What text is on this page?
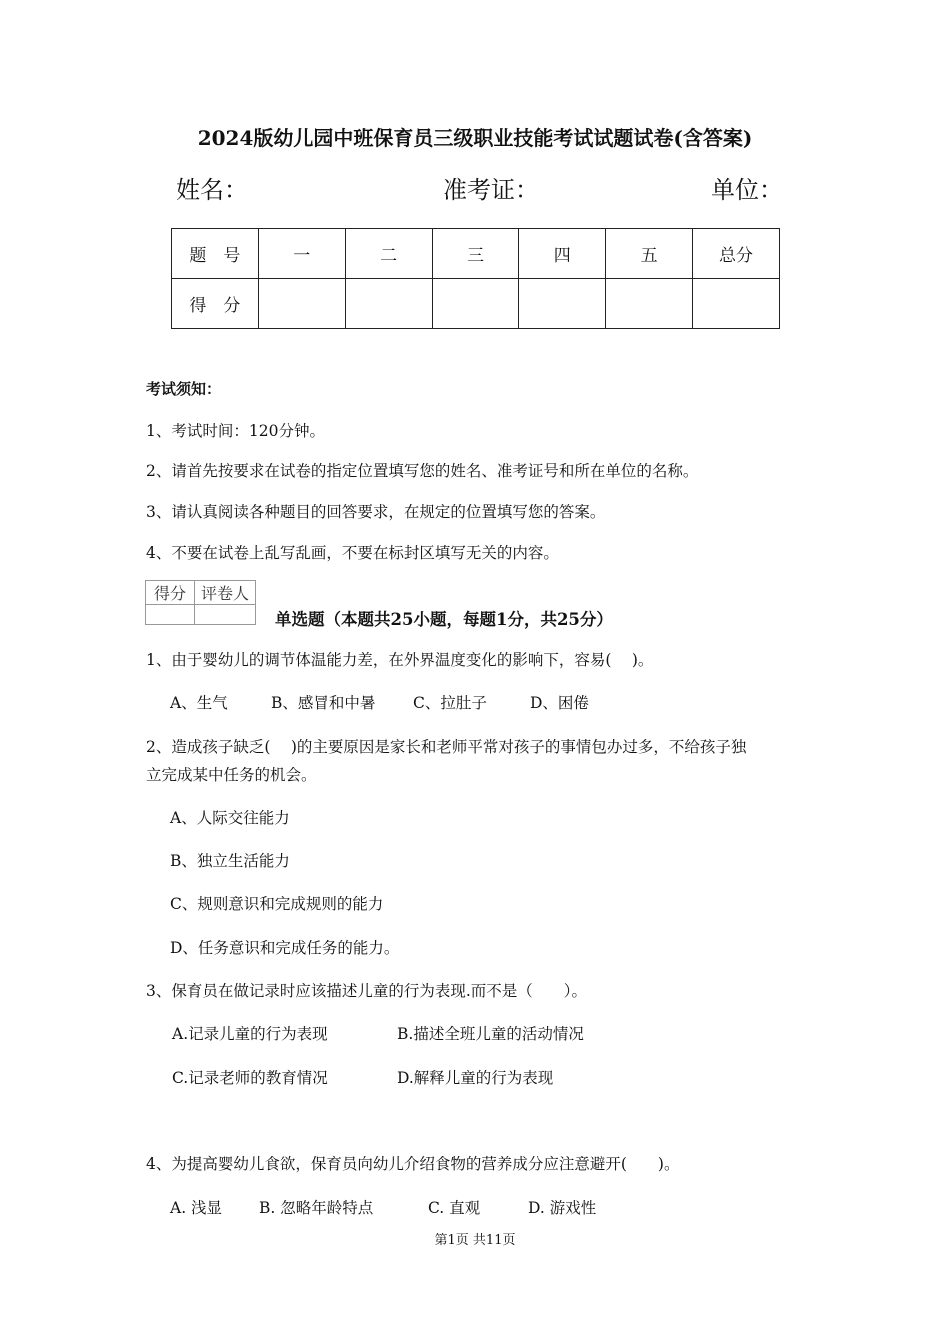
2024版幼儿园中班保育员三级职业技能考试试题试卷(含答案)
姓名：	准考证：	单位：
题　号	一	二	三	四	五	总分
得　分						
考试须知：
1、考试时间：120分钟。
2、请首先按要求在试卷的指定位置填写您的姓名、准考证号和所在单位的名称。
3、请认真阅读各种题目的回答要求，在规定的位置填写您的答案。
4、不要在试卷上乱写乱画，不要在标封区填写无关的内容。
得分	评卷人

单选题（本题共25小题，每题1分，共25分）
1、由于婴幼儿的调节体温能力差，在外界温度变化的影响下，容易(　 )。
A、生气	B、感冒和中暑 C、拉肚子	D、困倦
2、造成孩子缺乏(　 )的主要原因是家长和老师平常对孩子的事情包办过多，不给孩子独
立完成某中任务的机会。
A、人际交往能力
B、独立生活能力
C、规则意识和完成规则的能力
D、任务意识和完成任务的能力。
3、保育员在做记录时应该描述儿童的行为表现.而不是（　　）。
A.记录儿童的行为表现	B.描述全班儿童的活动情况
C.记录老师的教育情况	D.解释儿童的行为表现
4、为提高婴幼儿食欲，保育员向幼儿介绍食物的营养成分应注意避开(　　)。
A. 浅显 B. 忽略年龄特点	C. 直观	D. 游戏性
第1页 共11页
